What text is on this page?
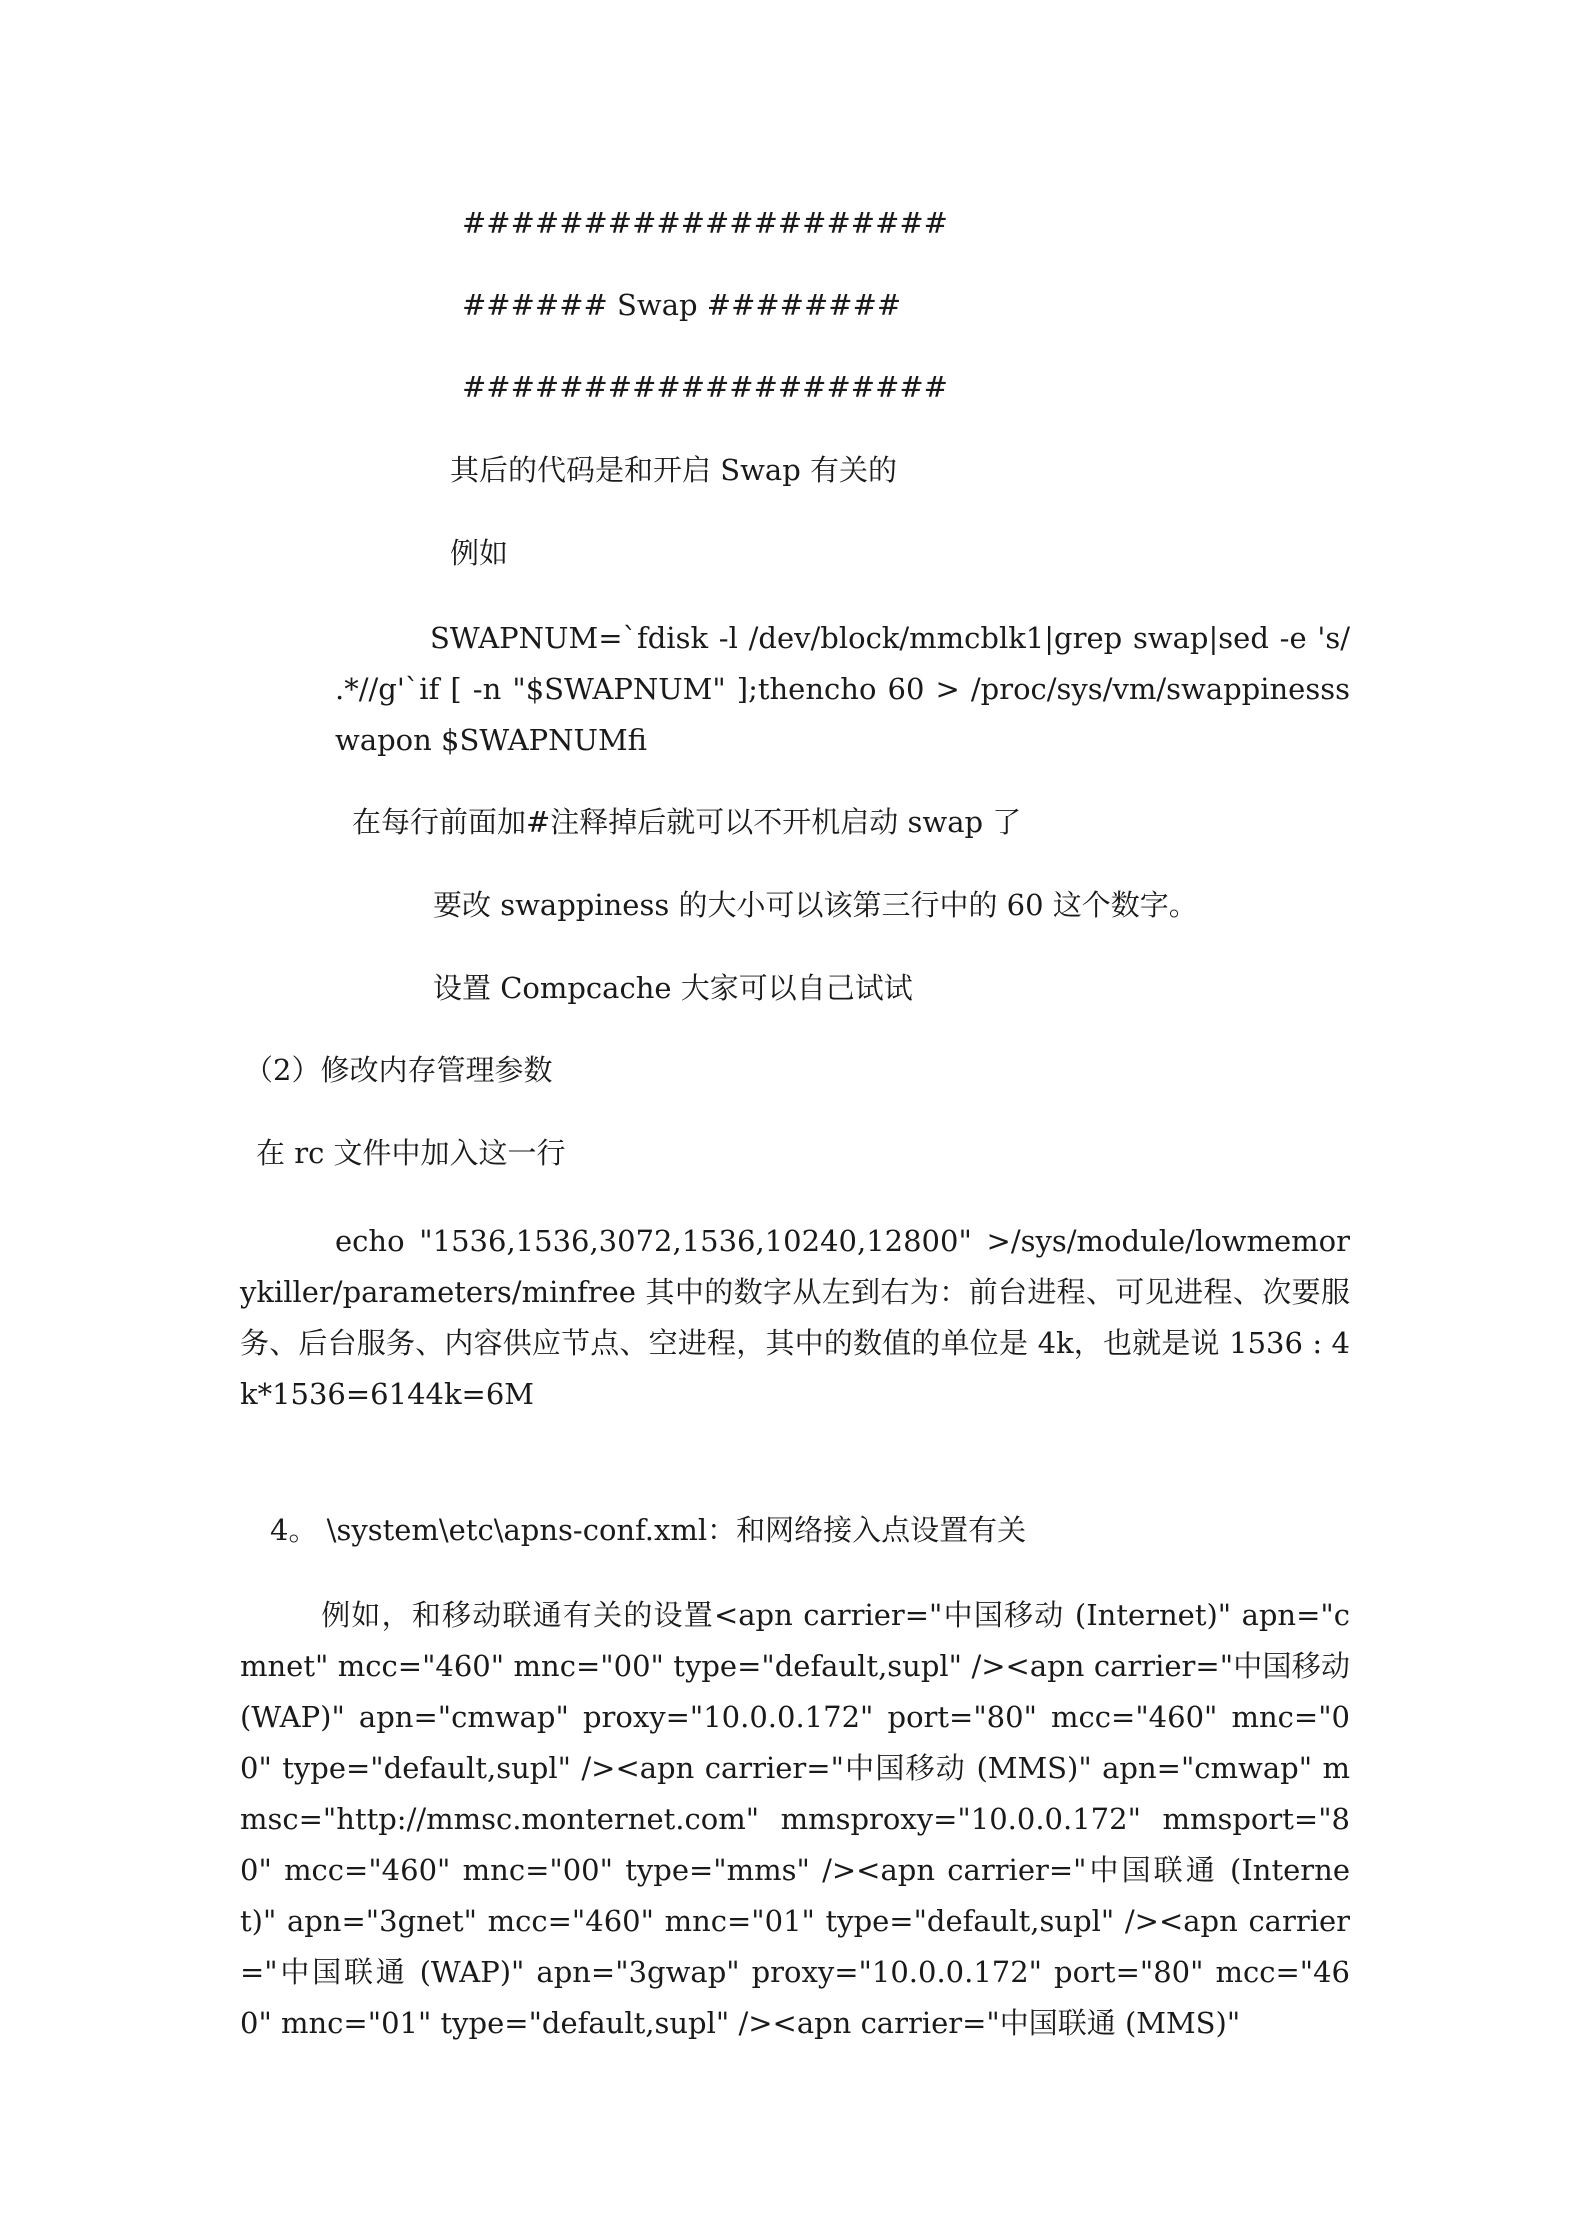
####################
###### Swap ########
####################
其后的代码是和开启 Swap 有关的
例如
SWAPNUM=`fdisk -l /dev/block/mmcblk1|grep swap|sed -e 's/ .*//g'`if [ -n "$SWAPNUM" ];thencho 60 > /proc/sys/vm/swappinessswapon $SWAPNUMfi
在每行前面加#注释掉后就可以不开机启动 swap 了
要改 swappiness 的大小可以该第三行中的 60 这个数字。
设置 Compcache 大家可以自己试试
（2）修改内存管理参数
在 rc 文件中加入这一行
echo "1536,1536,3072,1536,10240,12800" >/sys/module/lowmemorykiller/parameters/minfree 其中的数字从左到右为：前台进程、可见进程、次要服务、后台服务、内容供应节点、空进程，其中的数值的单位是 4k，也就是说 1536 : 4k*1536=6144k=6M
4。 \system\etc\apns-conf.xml：和网络接入点设置有关
例如，和移动联通有关的设置<apn carrier="中国移动 (Internet)" apn="cmnet" mcc="460" mnc="00" type="default,supl" /><apn carrier="中国移动 (WAP)" apn="cmwap" proxy="10.0.0.172" port="80" mcc="460" mnc="00" type="default,supl" /><apn carrier="中国移动 (MMS)" apn="cmwap" mmsc="http://mmsc.monternet.com" mmsproxy="10.0.0.172" mmsport="80" mcc="460" mnc="00" type="mms" /><apn carrier="中国联通 (Internet)" apn="3gnet" mcc="460" mnc="01" type="default,supl" /><apn carrier="中国联通 (WAP)" apn="3gwap" proxy="10.0.0.172" port="80" mcc="460" mnc="01" type="default,supl" /><apn carrier="中国联通 (MMS)"
